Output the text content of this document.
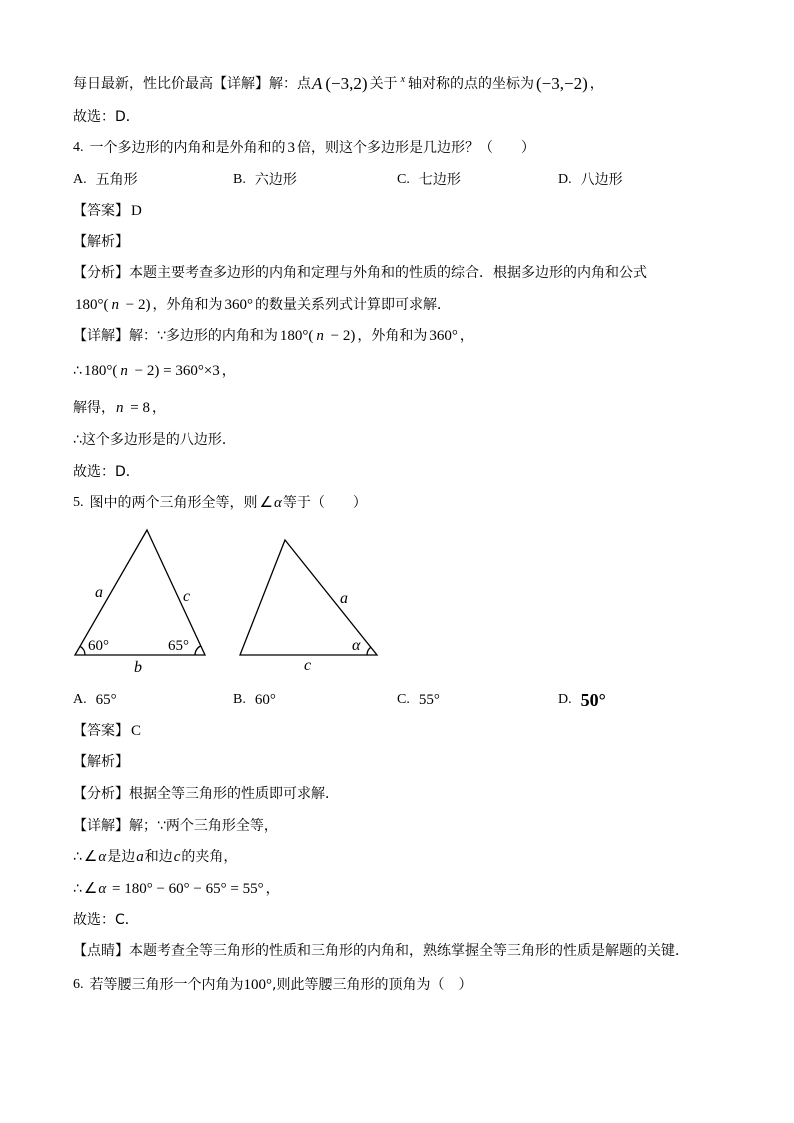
每日最新，性比价最高【详解】解：点 A (−3,2) 关于 $^x$ 轴对称的点的坐标为 (−3,−2) ，
故选：D．
4. 一个多边形的内角和是外角和的 3 倍，则这个多边形是几边形？（　　）
A. 五角形	B. 六边形	C. 七边形	D. 八边形
【答案】 D
【解析】
【分析】本题主要考查多边形的内角和定理与外角和的性质的综合．根据多边形的内角和公式
180°( n  − 2) ，外角和为 360° 的数量关系列式计算即可求解．
【详解】解：∵多边形的内角和为 180°( n  − 2) ，外角和为 360° ，
∴ 180°( n  − 2) = 360°×3 ，
解得， n  = 8 ，
∴这个多边形是的八边形．
故选：D．
5. 图中的两个三角形全等，则 ∠ α 等于（　　）
a	c
60°	65°
b
a
α
c
A. 65°	B. 60°	C. 55°	D. 50°
【答案】 C
【解析】
【分析】根据全等三角形的性质即可求解．
【详解】解；∵两个三角形全等，
∴ ∠ α 是边 a 和边 c 的夹角，
∴ ∠ α  = 180° − 60° − 65° = 55° ，
故选：C．
【点睛】本题考查全等三角形的性质和三角形的内角和，熟练掌握全等三角形的性质是解题的关键．
6. 若等腰三角形一个内角为 100° ,则此等腰三角形的顶角为（　）
